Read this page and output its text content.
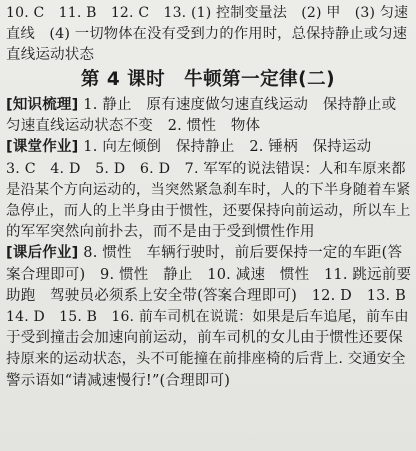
10. C　11. B　12. C　13. (1) 控制变量法　(2) 甲　(3) 匀速
直线　(4) 一切物体在没有受到力的作用时，总保持静止或匀速
直线运动状态
第 4 课时　牛顿第一定律(二)
[知识梳理] 1. 静止　原有速度做匀速直线运动　保持静止或
匀速直线运动状态不变　2. 惯性　物体
[课堂作业] 1. 向左倾倒　保持静止　2. 锤柄　保持运动
3. C　4. D　5. D　6. D　7. 军军的说法错误：人和车原来都
是沿某个方向运动的，当突然紧急刹车时，人的下半身随着车紧
急停止，而人的上半身由于惯性，还要保持向前运动，所以车上
的军军突然向前扑去，而不是由于受到惯性作用
[课后作业] 8. 惯性　车辆行驶时，前后要保持一定的车距(答
案合理即可)　9. 惯性　静止　10. 减速　惯性　11. 跳远前要
助跑　驾驶员必须系上安全带(答案合理即可)　12. D　13. B
14. D　15. B　16. 前车司机在说谎：如果是后车追尾，前车由
于受到撞击会加速向前运动，前车司机的女儿由于惯性还要保
持原来的运动状态，头不可能撞在前排座椅的后背上. 交通安全
警示语如“请减速慢行!”(合理即可)
